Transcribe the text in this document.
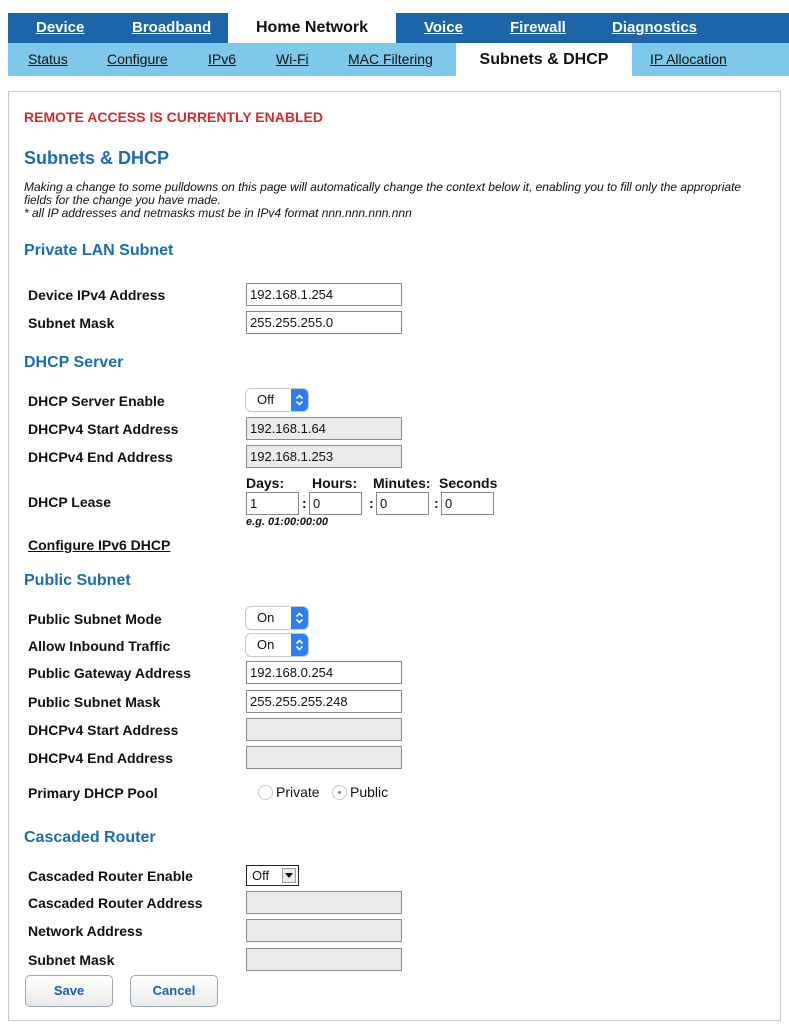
Device	Broadband	Home Network	Voice	Firewall	Diagnostics
Status	Configure	IPv6	Wi-Fi	MAC Filtering	Subnets & DHCP	IP Allocation
REMOTE ACCESS IS CURRENTLY ENABLED
Subnets & DHCP
Making a change to some pulldowns on this page will automatically change the context below it, enabling you to fill only the appropriate fields for the change you have made.
* all IP addresses and netmasks must be in IPv4 format nnn.nnn.nnn.nnn
Private LAN Subnet
Device IPv4 Address	192.168.1.254
Subnet Mask	255.255.255.0
DHCP Server
DHCP Server Enable	Off
DHCPv4 Start Address	192.168.1.64
DHCPv4 End Address	192.168.1.253
Days: Hours: Minutes: Seconds
DHCP Lease	1	: 0	: 0	: 0
e.g. 01:00:00:00
Configure IPv6 DHCP
Public Subnet
Public Subnet Mode	On
Allow Inbound Traffic	On
Public Gateway Address	192.168.0.254
Public Subnet Mask	255.255.255.248
DHCPv4 Start Address
DHCPv4 End Address
Primary DHCP Pool	Private Public
Cascaded Router
Cascaded Router Enable	Off
Cascaded Router Address
Network Address
Subnet Mask
Save	Cancel
